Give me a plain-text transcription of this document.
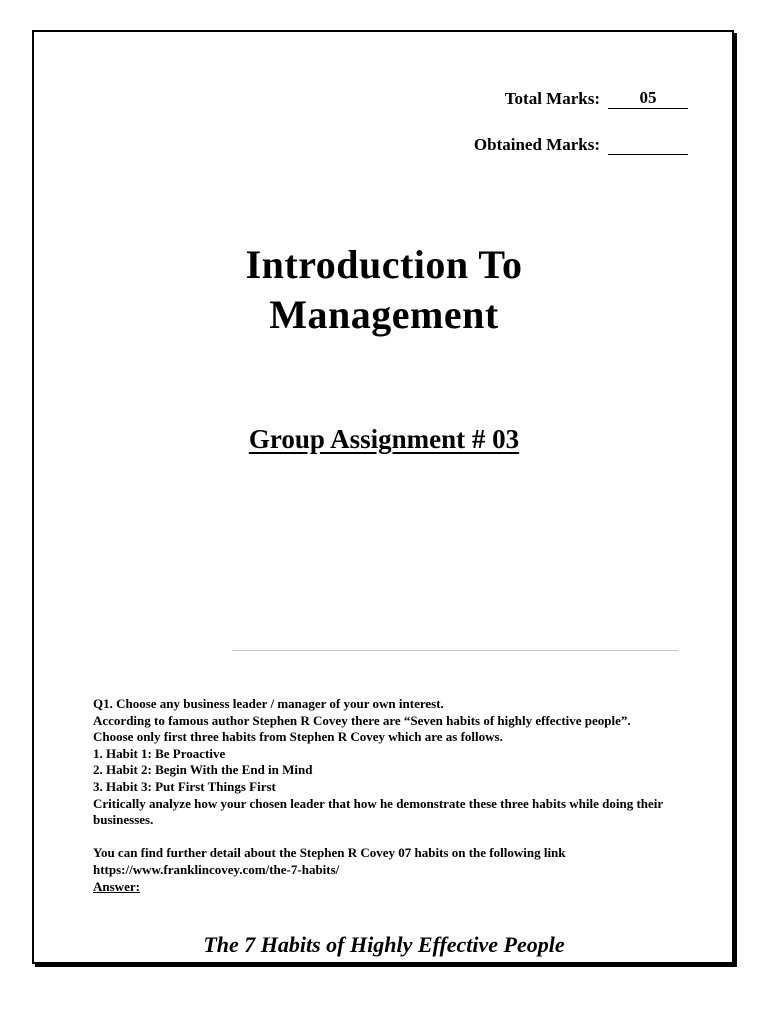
Total Marks:	05
Obtained Marks:
Introduction To
Management
Group Assignment # 03

Q1. Choose any business leader / manager of your own interest.

According to famous author Stephen R Covey there are “Seven habits of highly effective people”.

Choose only first three habits from Stephen R Covey which are as follows.

1. Habit 1: Be Proactive

2. Habit 2: Begin With the End in Mind

3. Habit 3: Put First Things First

Critically analyze how your chosen leader that how he demonstrate these three habits while doing their businesses.

You can find further detail about the Stephen R Covey 07 habits on the following link

https://www.franklincovey.com/the-7-habits/

Answer:

The 7 Habits of Highly Effective People
